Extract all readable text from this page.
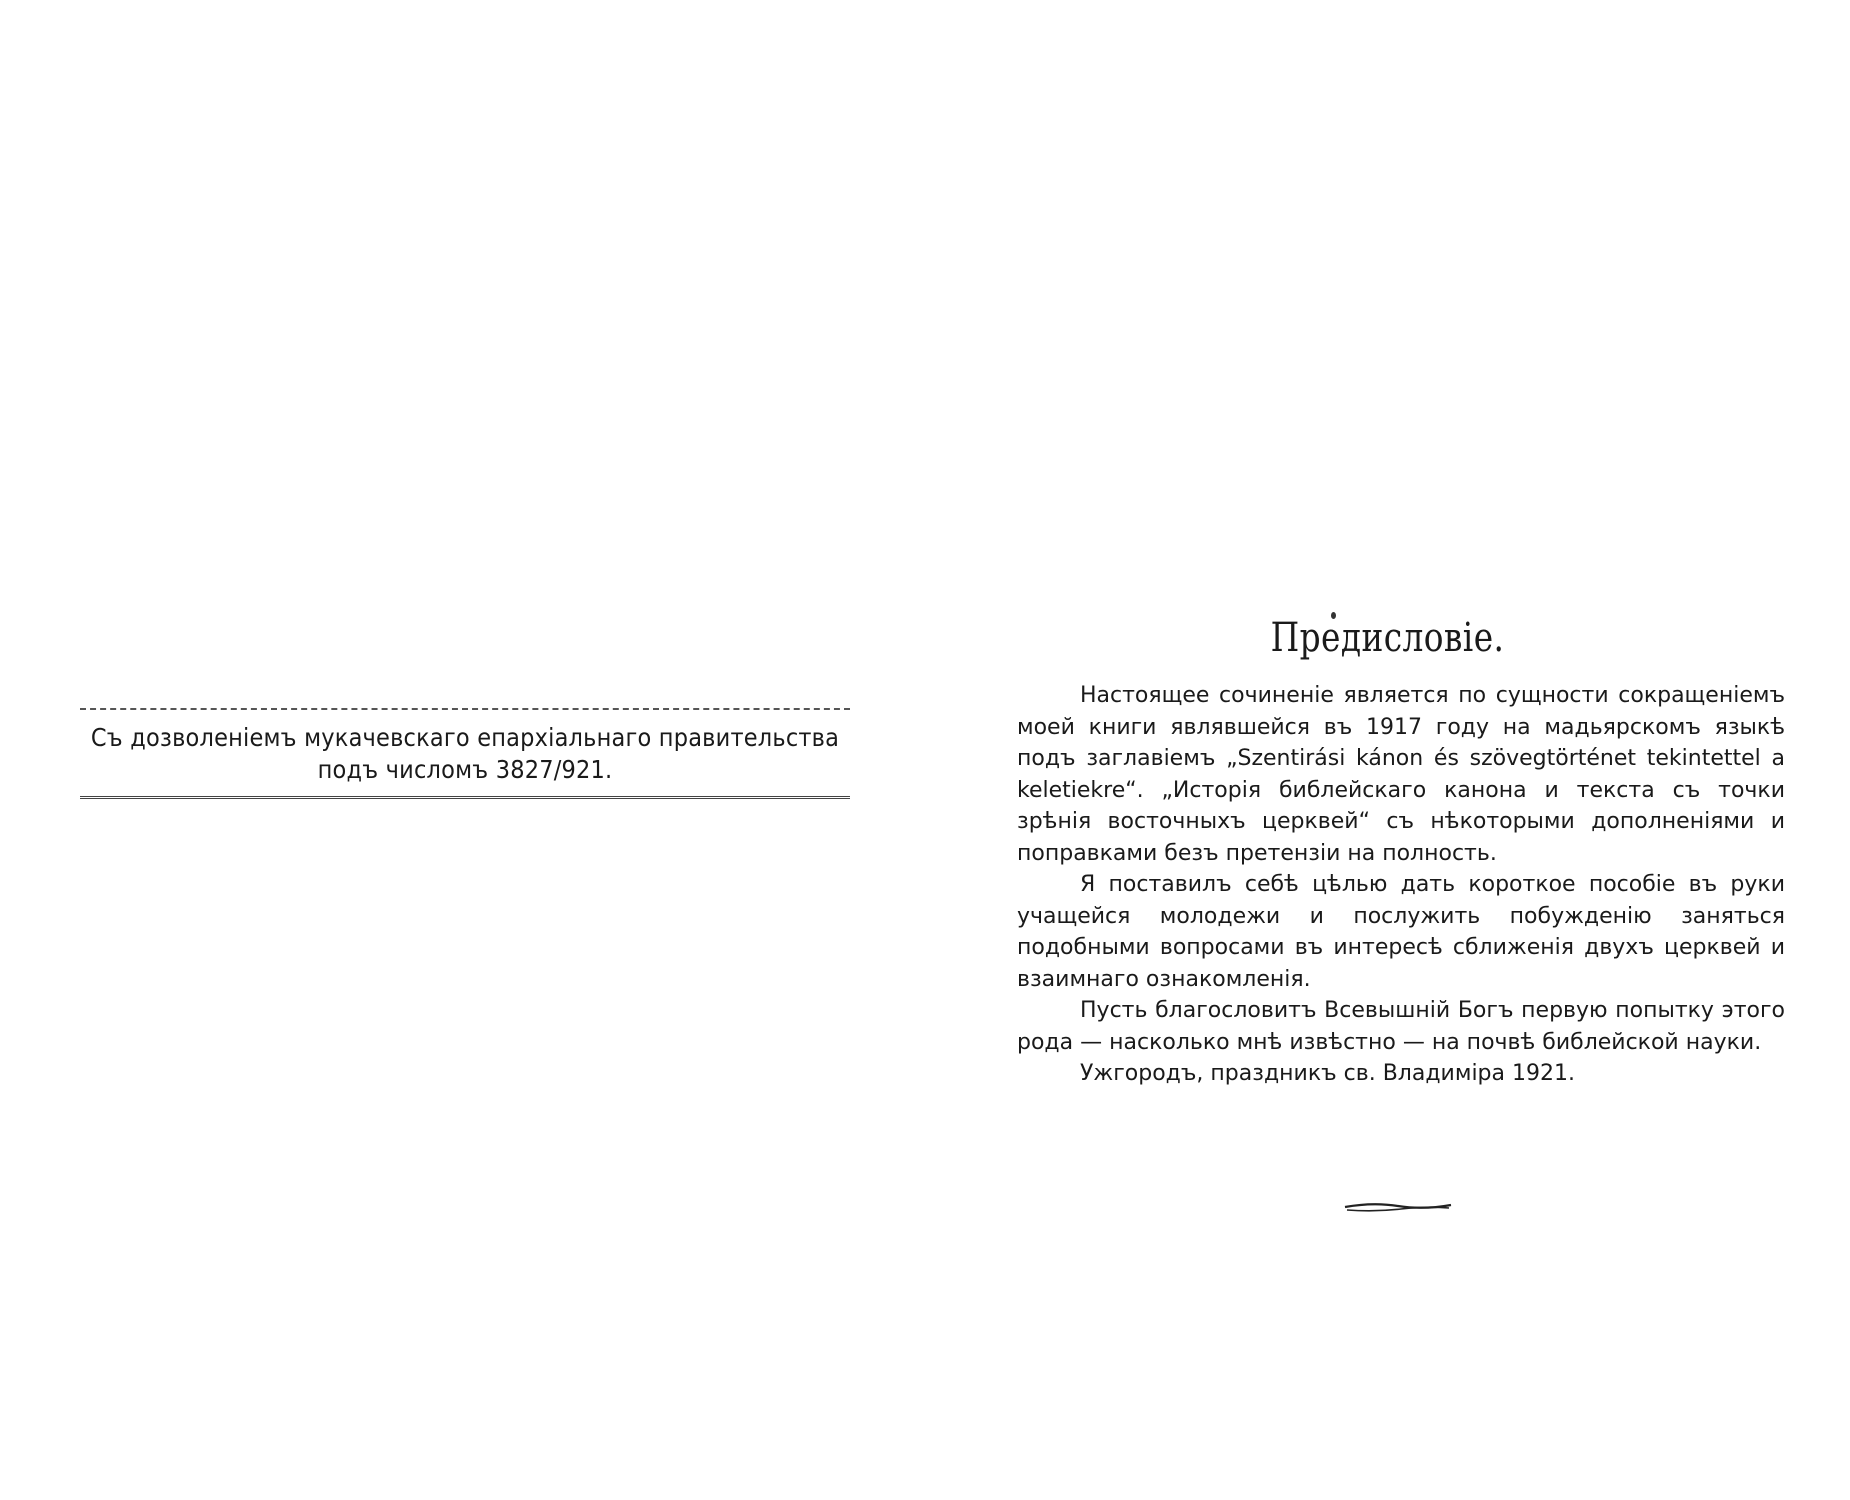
Съ дозволеніемъ мукачевскаго епархіальнаго правительства
подъ числомъ 3827/921.
Предисловіе.

Настоящее сочиненіе является по сущности сокращеніемъ моей книги являвшейся въ 1917 году на мадьярскомъ языкѣ подъ заглавіемъ „Szentirási kánon és szövegtörténet tekintettel a keletiekre“. „Исторія библейскаго канона и текста съ точки зрѣнія восточныхъ церквей“ съ нѣкоторыми дополненіями и поправками безъ претензіи на полность.

Я поставилъ себѣ цѣлью дать короткое пособіе въ руки учащейся молодежи и послужить побужденію заняться подобными вопросами въ интересѣ сближенія двухъ церквей и взаимнаго ознакомленія.

Пусть благословитъ Всевышній Богъ первую попытку этого рода — насколько мнѣ извѣстно — на почвѣ библейской науки.

Ужгородъ, праздникъ св. Владиміра 1921.
